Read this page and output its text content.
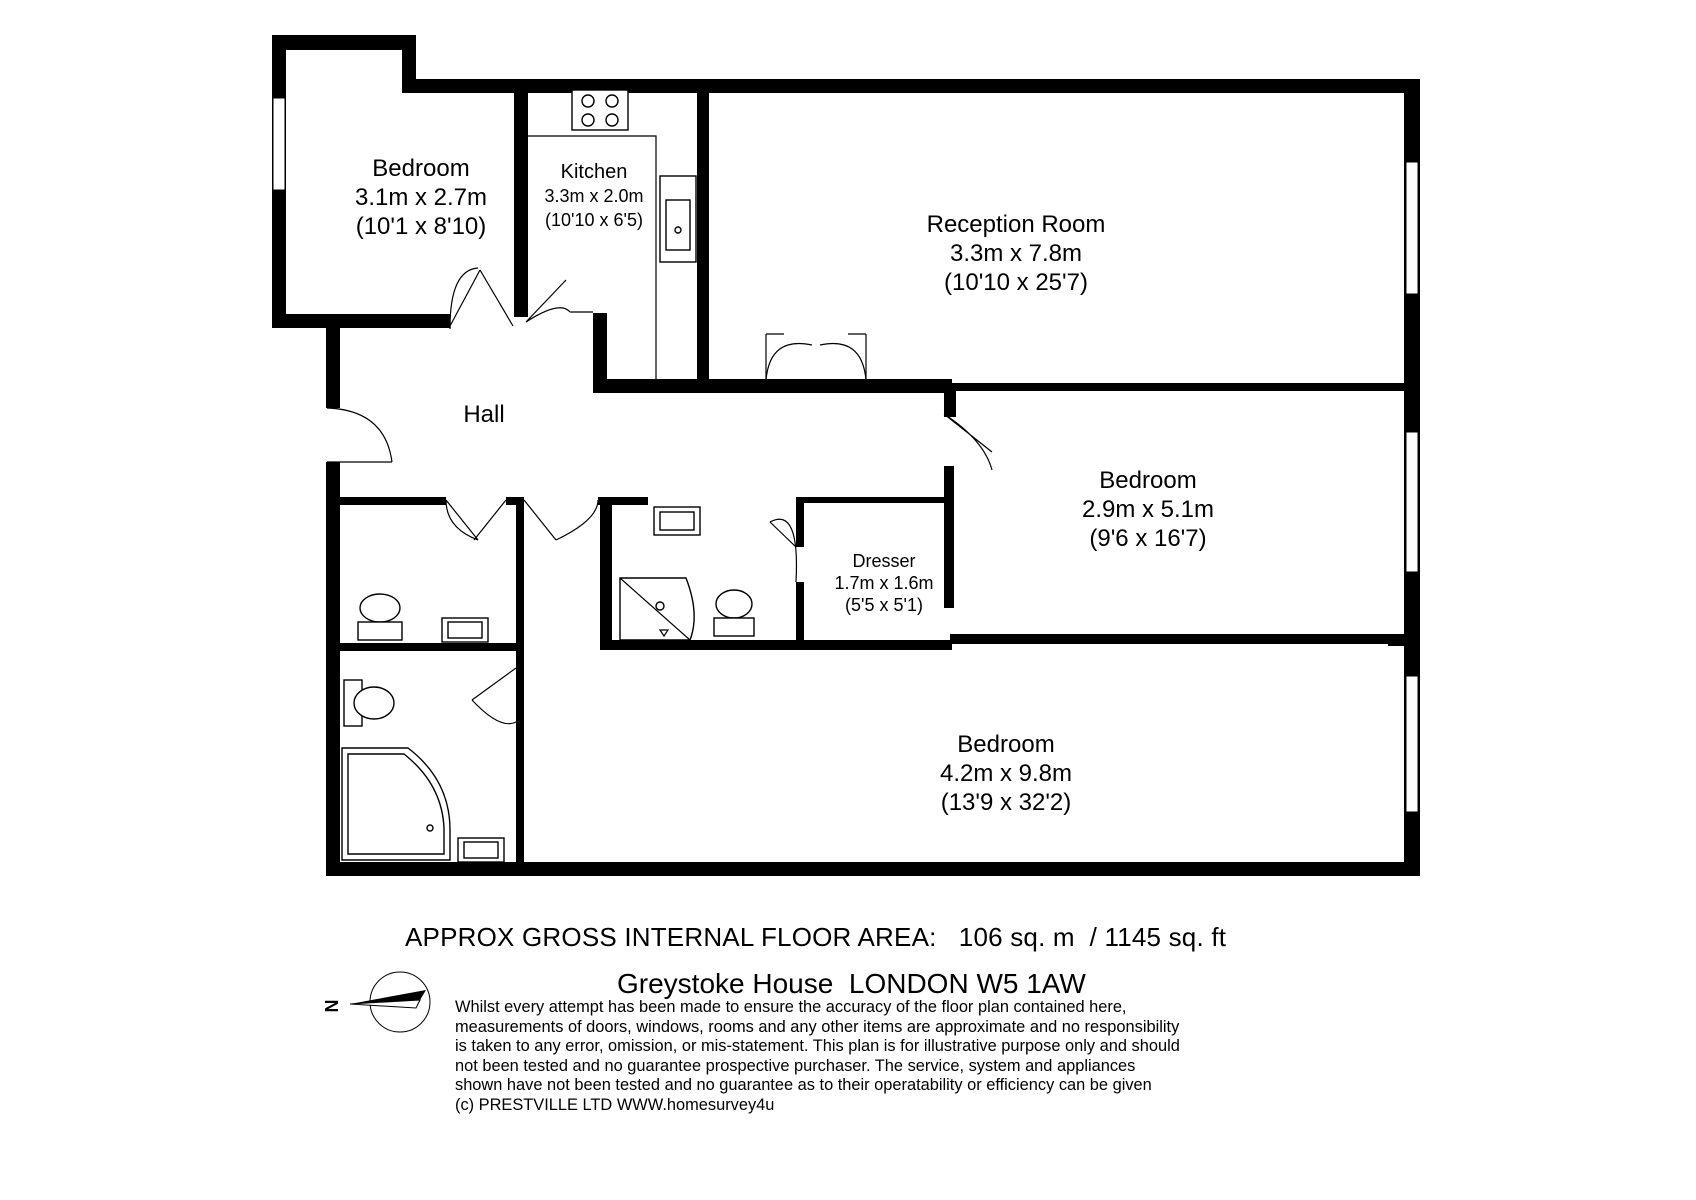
Bedroom
3.1m x 2.7m
(10'1 x 8'10)
Kitchen
3.3m x 2.0m
(10'10 x 6'5)	Reception Room
3.3m x 7.8m
(10'10 x 25'7)
Hall
Bedroom
2.9m x 5.1m
(9'6 x 16'7)
Dresser
1.7m x 1.6m
(5'5 x 5'1)
Bedroom
4.2m x 9.8m
(13'9 x 32'2)
N
APPROX GROSS INTERNAL FLOOR AREA:   106 sq. m  / 1145 sq. ft
Greystoke House  LONDON W5 1AW
Whilst every attempt has been made to ensure the accuracy of the floor plan contained here,
measurements of doors, windows, rooms and any other items are approximate and no responsibility
is taken to any error, omission, or mis-statement. This plan is for illustrative purpose only and should
not been tested and no guarantee prospective purchaser. The service, system and appliances
shown have not been tested and no guarantee as to their operatability or efficiency can be given
(c) PRESTVILLE LTD WWW.homesurvey4u
